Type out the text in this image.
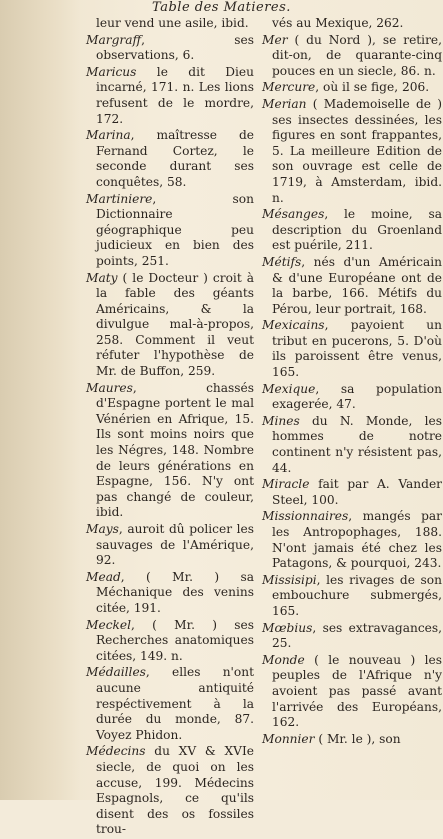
Table des Matieres.

leur vend une asile, ibid.

Margraff, ses observations, 6.

Maricus le dit Dieu incarné, 171. n. Les lions refusent de le mordre, 172.

Marina, maîtresse de Fernand Cortez, le seconde durant ses conquêtes, 58.

Martiniere, son Dictionnaire géographique peu judicieux en bien des points, 251.

Maty ( le Docteur ) croit à la fable des géants Américains, & la divulgue mal-à-propos, 258. Comment il veut réfuter l'hypothèse de Mr. de Buffon, 259.

Maures, chassés d'Espagne portent le mal Vénérien en Afrique, 15. Ils sont moins noirs que les Négres, 148. Nombre de leurs générations en Espagne, 156. N'y ont pas changé de couleur, ibid.

Mays, auroit dû policer les sauvages de l'Amérique, 92.

Mead, ( Mr. ) sa Méchanique des venins citée, 191.

Meckel, ( Mr. ) ses Recherches anatomiques citées, 149. n.

Médailles, elles n'ont aucune antiquité respéctivement à la durée du monde, 87. Voyez Phidon.

Médecins du XV & XVIe siecle, de quoi on les accuse, 199. Médecins Espagnols, ce qu'ils disent des os fossiles trou-

vés au Mexique, 262.

Mer ( du Nord ), se retire, dit-on, de quarante-cinq pouces en un siecle, 86. n.

Mercure, où il se fige, 206.

Merian ( Mademoiselle de ) ses insectes dessinées, les figures en sont frappantes, 5. La meilleure Edition de son ouvrage est celle de 1719, à Amsterdam, ibid. n.

Mésanges, le moine, sa description du Groenland est puérile, 211.

Métifs, nés d'un Américain & d'une Européane ont de la barbe, 166. Métifs du Pérou, leur portrait, 168.

Mexicains, payoient un tribut en pucerons, 5. D'où ils paroissent être venus, 165.

Mexique, sa population exagerée, 47.

Mines du N. Monde, les hommes de notre continent n'y résistent pas, 44.

Miracle fait par A. Vander Steel, 100.

Missionnaires, mangés par les Antropophages, 188. N'ont jamais été chez les Patagons, & pourquoi, 243.

Missisipi, les rivages de son embouchure submergés, 165.

Mœbius, ses extravagances, 25.

Monde ( le nouveau ) les peuples de l'Afrique n'y avoient pas passé avant l'arrivée des Européans, 162.

Monnier ( Mr. le ), son
